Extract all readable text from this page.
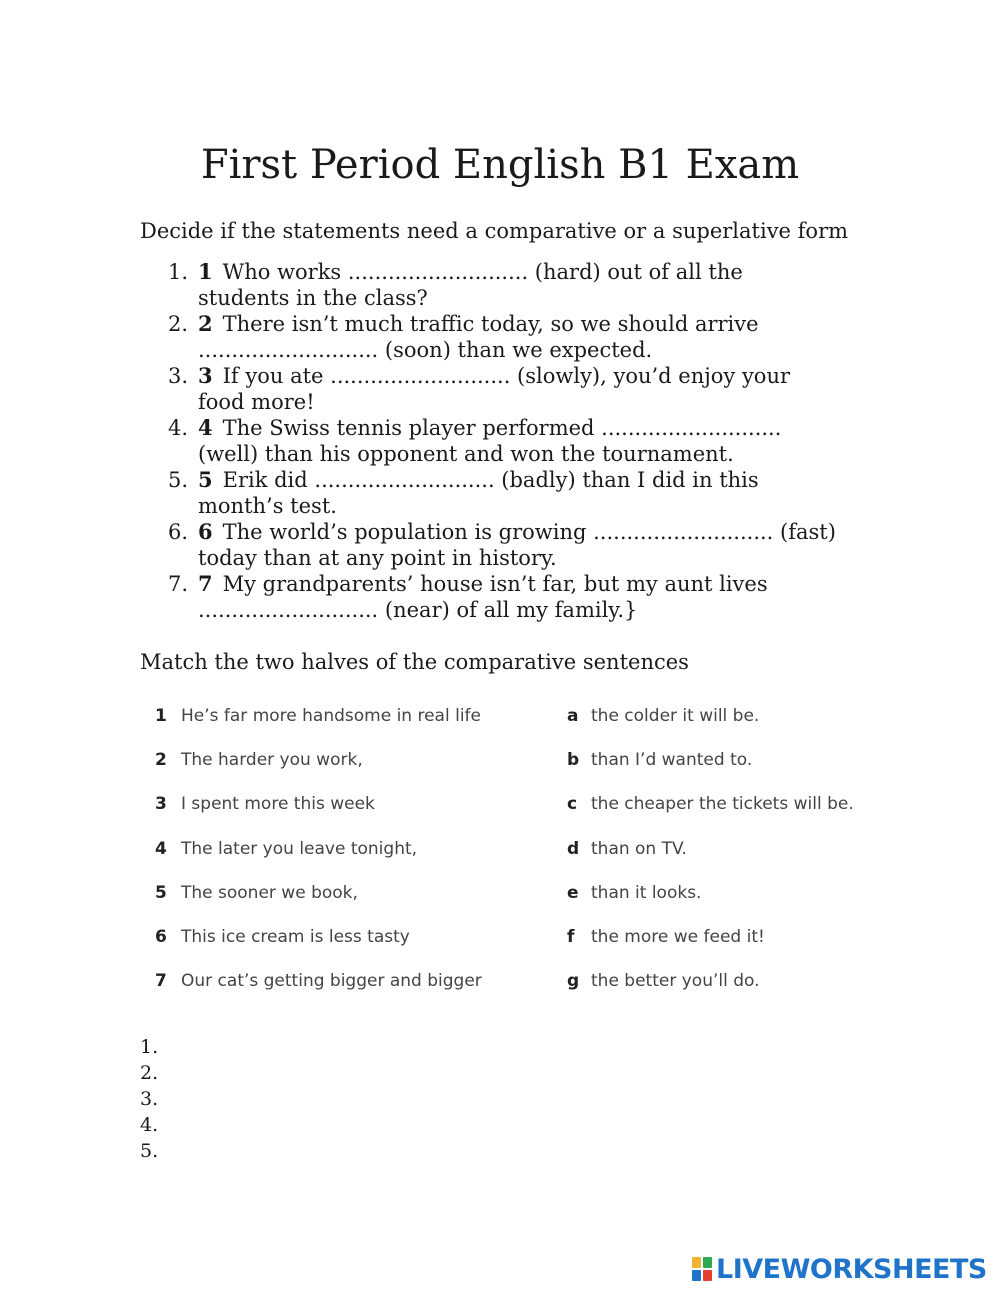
First Period English B1 Exam
Decide if the statements need a comparative or a superlative form
1. 1 Who works ........................... (hard) out of all the students in the class?
2. 2 There isn’t much traffic today, so we should arrive ........................... (soon) than we expected.
3. 3 If you ate ........................... (slowly), you’d enjoy your food more!
4. 4 The Swiss tennis player performed ........................... (well) than his opponent and won the tournament.
5. 5 Erik did ........................... (badly) than I did in this month’s test.
6. 6 The world’s population is growing ........................... (fast) today than at any point in history.
7. 7 My grandparents’ house isn’t far, but my aunt lives ........................... (near) of all my family.}
Match the two halves of the comparative sentences
1 He’s far more handsome in real life	a the colder it will be.
2 The harder you work,	b than I’d wanted to.
3 I spent more this week	c the cheaper the tickets will be.
4 The later you leave tonight,	d than on TV.
5 The sooner we book,	e than it looks.
6 This ice cream is less tasty	f the more we feed it!
7 Our cat’s getting bigger and bigger	g the better you’ll do.
1.
2.
3.
4.
5.
LIVEWORKSHEETS
